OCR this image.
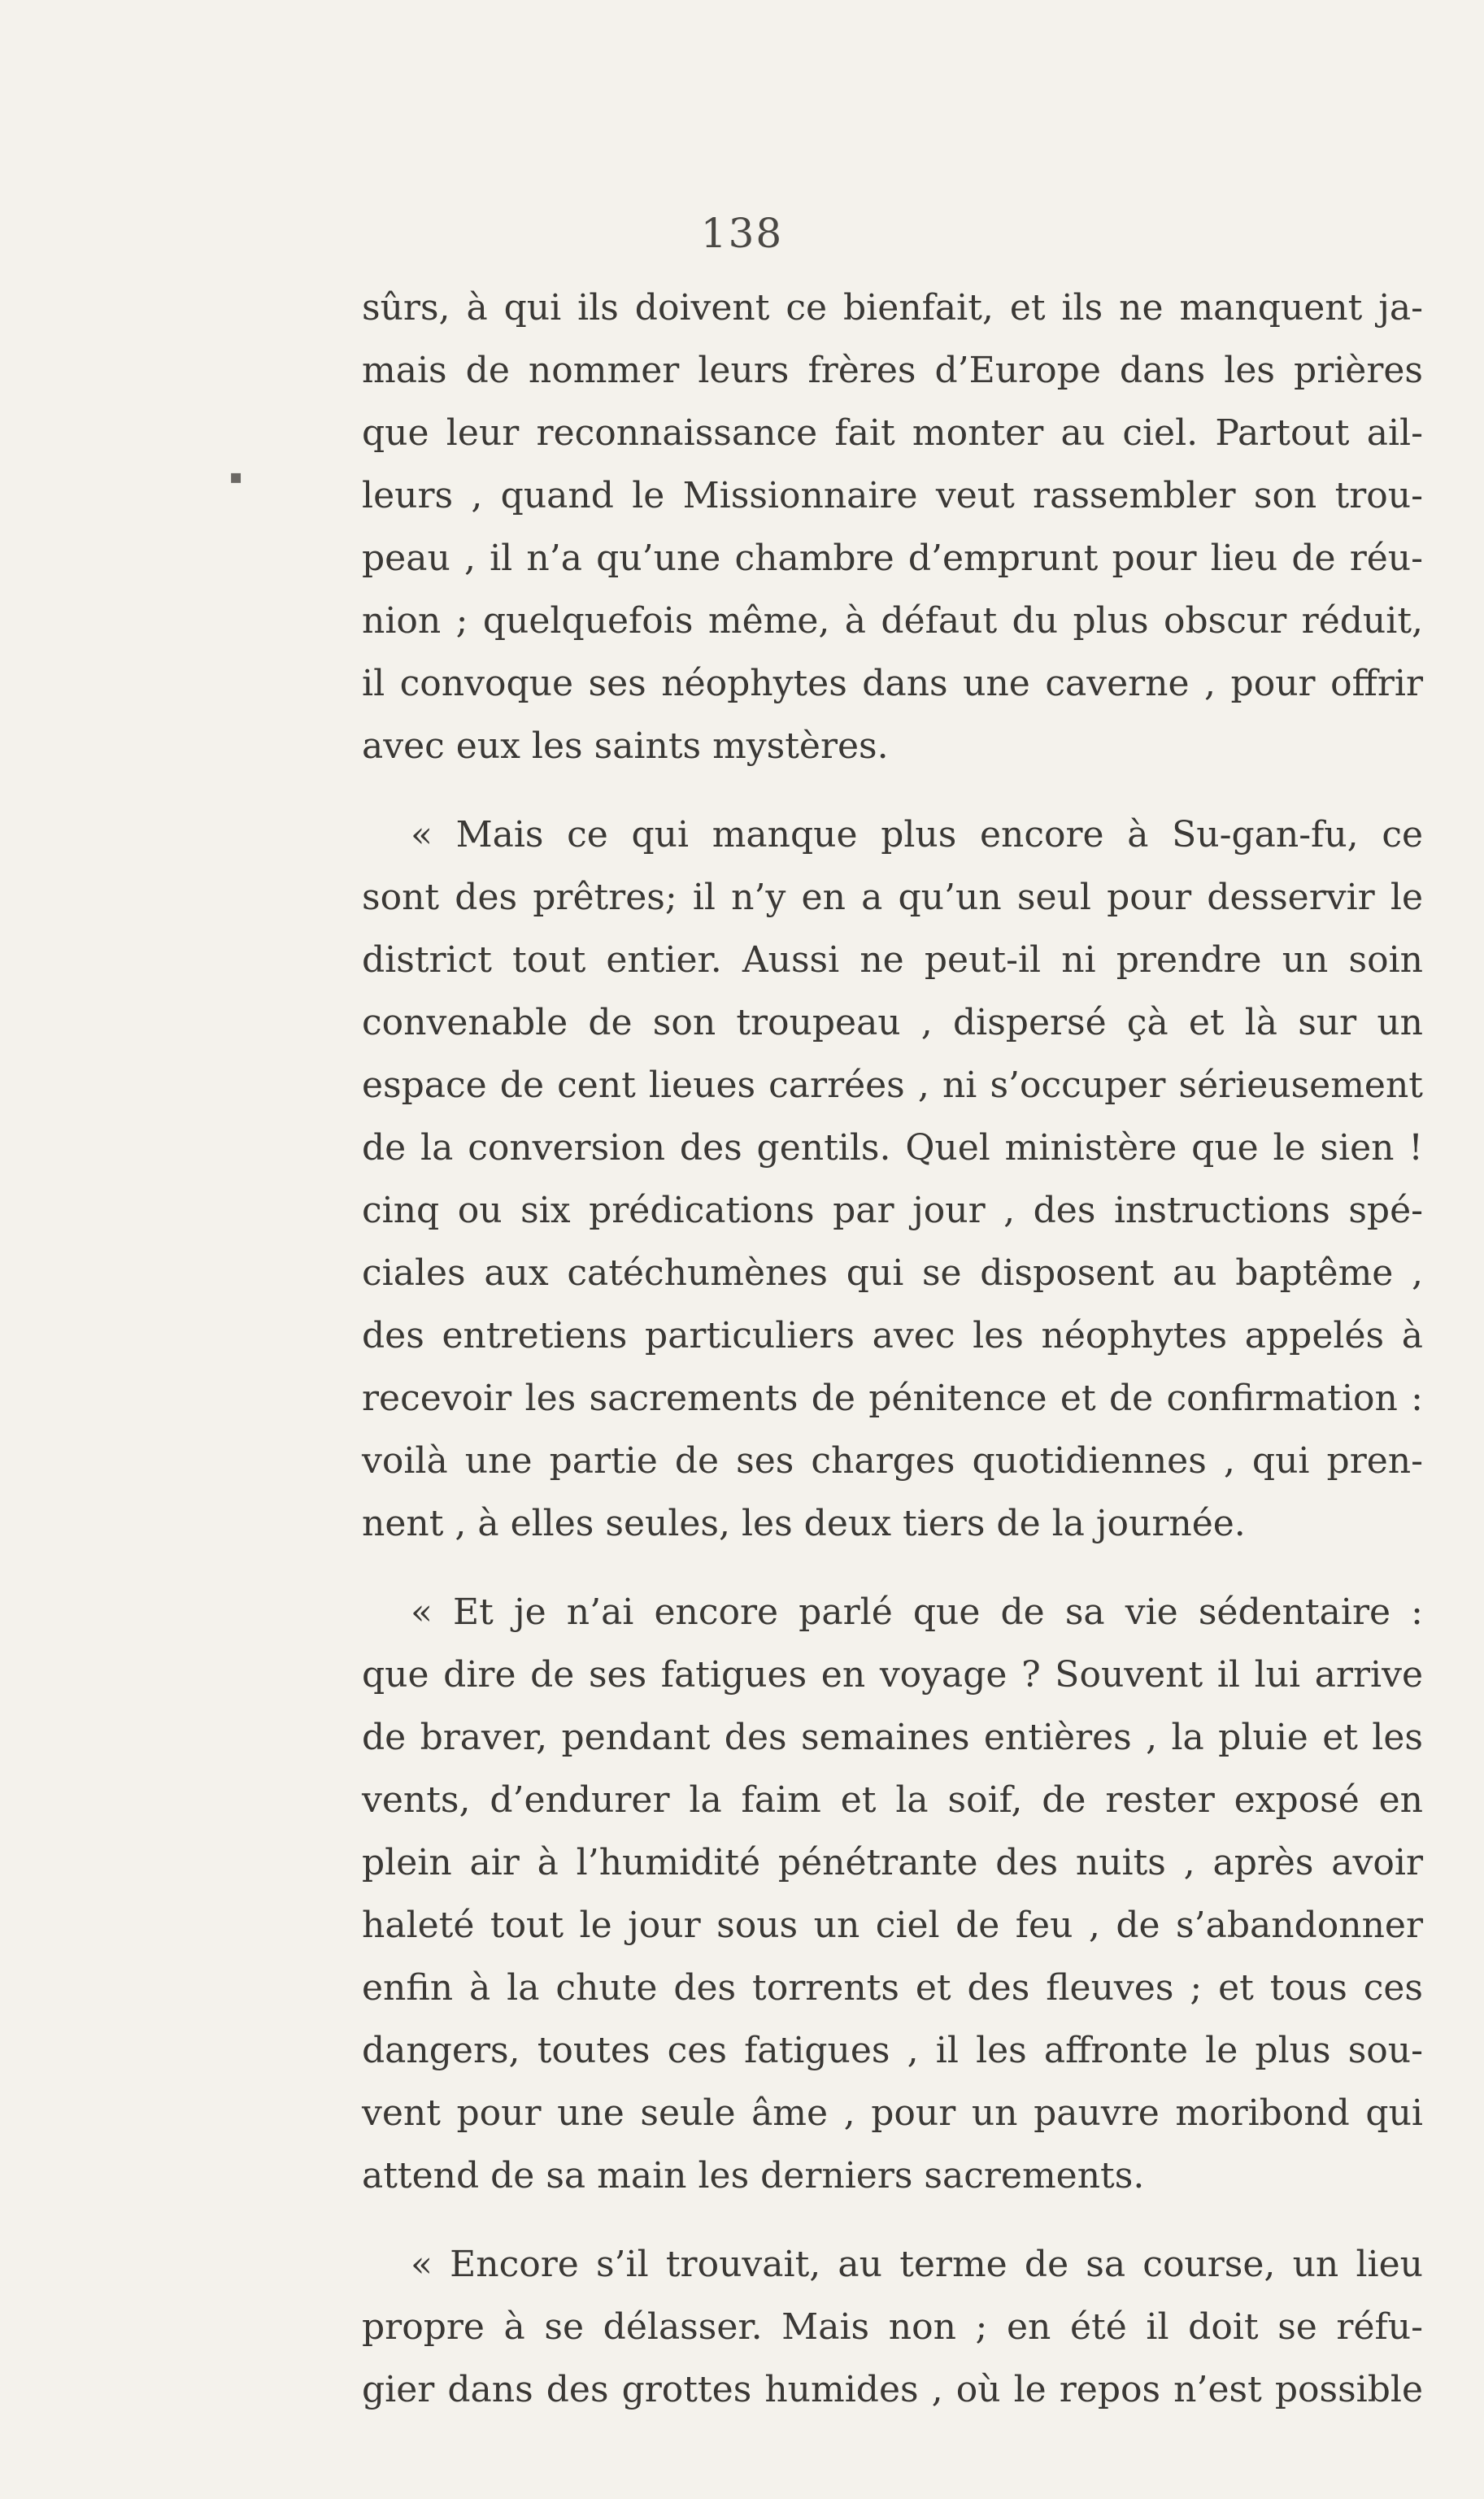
138
▪
sûrs, à qui ils doivent ce bienfait, et ils ne manquent ja-
mais de nommer leurs frères d’Europe dans les prières
que leur reconnaissance fait monter au ciel. Partout ail-
leurs , quand le Missionnaire veut rassembler son trou-
peau , il n’a qu’une chambre d’emprunt pour lieu de réu-
nion ; quelquefois même, à défaut du plus obscur réduit,
il convoque ses néophytes dans une caverne , pour offrir
avec eux les saints mystères.
« Mais ce qui manque plus encore à Su-gan-fu, ce
sont des prêtres; il n’y en a qu’un seul pour desservir le
district tout entier. Aussi ne peut-il ni prendre un soin
convenable de son troupeau , dispersé çà et là sur un
espace de cent lieues carrées , ni s’occuper sérieusement
de la conversion des gentils. Quel ministère que le sien !
cinq ou six prédications par jour , des instructions spé-
ciales aux catéchumènes qui se disposent au baptême ,
des entretiens particuliers avec les néophytes appelés à
recevoir les sacrements de pénitence et de confirmation :
voilà une partie de ses charges quotidiennes , qui pren-
nent , à elles seules, les deux tiers de la journée.
« Et je n’ai encore parlé que de sa vie sédentaire :
que dire de ses fatigues en voyage ? Souvent il lui arrive
de braver, pendant des semaines entières , la pluie et les
vents, d’endurer la faim et la soif, de rester exposé en
plein air à l’humidité pénétrante des nuits , après avoir
haleté tout le jour sous un ciel de feu , de s’abandonner
enfin à la chute des torrents et des fleuves ; et tous ces
dangers, toutes ces fatigues , il les affronte le plus sou-
vent pour une seule âme , pour un pauvre moribond qui
attend de sa main les derniers sacrements.
« Encore s’il trouvait, au terme de sa course, un lieu
propre à se délasser. Mais non ; en été il doit se réfu-
gier dans des grottes humides , où le repos n’est possible
